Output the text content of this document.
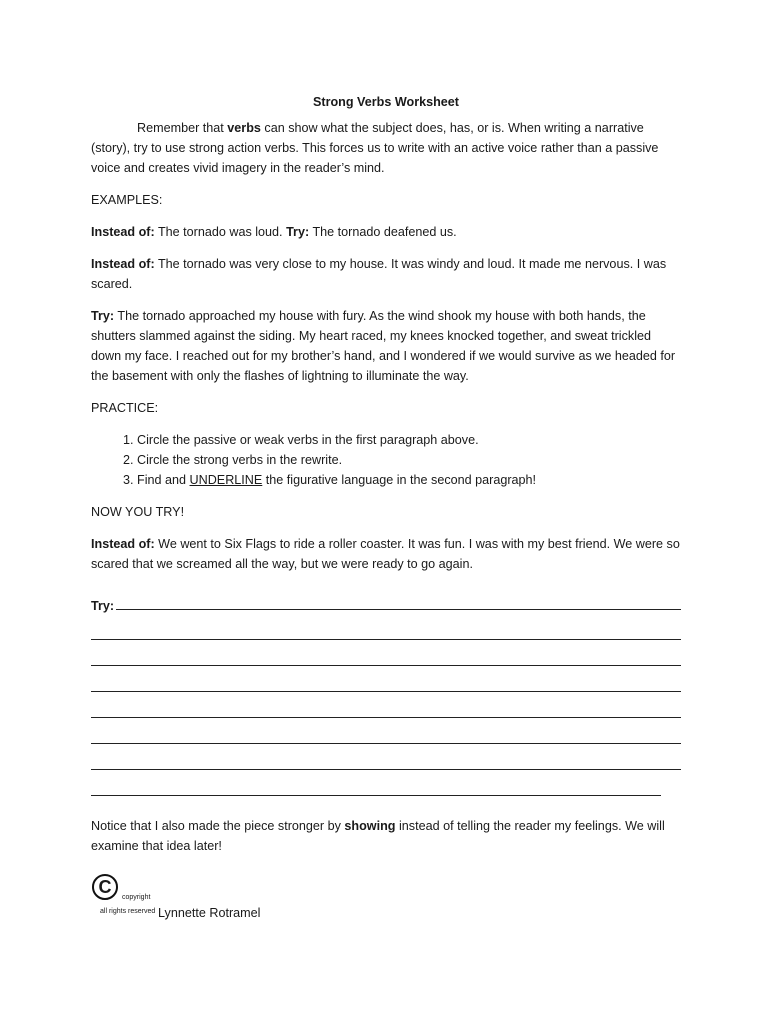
Strong Verbs Worksheet

Remember that verbs can show what the subject does, has, or is. When writing a narrative (story), try to use strong action verbs. This forces us to write with an active voice rather than a passive voice and creates vivid imagery in the reader’s mind.

EXAMPLES:

Instead of: The tornado was loud. Try: The tornado deafened us.

Instead of: The tornado was very close to my house. It was windy and loud. It made me nervous. I was scared.

Try: The tornado approached my house with fury. As the wind shook my house with both hands, the shutters slammed against the siding. My heart raced, my knees knocked together, and sweat trickled down my face. I reached out for my brother’s hand, and I wondered if we would survive as we headed for the basement with only the flashes of lightning to illuminate the way.

PRACTICE:

1. Circle the passive or weak verbs in the first paragraph above.
2. Circle the strong verbs in the rewrite.
3. Find and UNDERLINE the figurative language in the second paragraph!

NOW YOU TRY!

Instead of: We went to Six Flags to ride a roller coaster. It was fun. I was with my best friend. We were so scared that we screamed all the way, but we were ready to go again.

Try:

Notice that I also made the piece stronger by showing instead of telling the reader my feelings. We will examine that idea later!

C
copyright
all rights reserved Lynnette Rotramel
